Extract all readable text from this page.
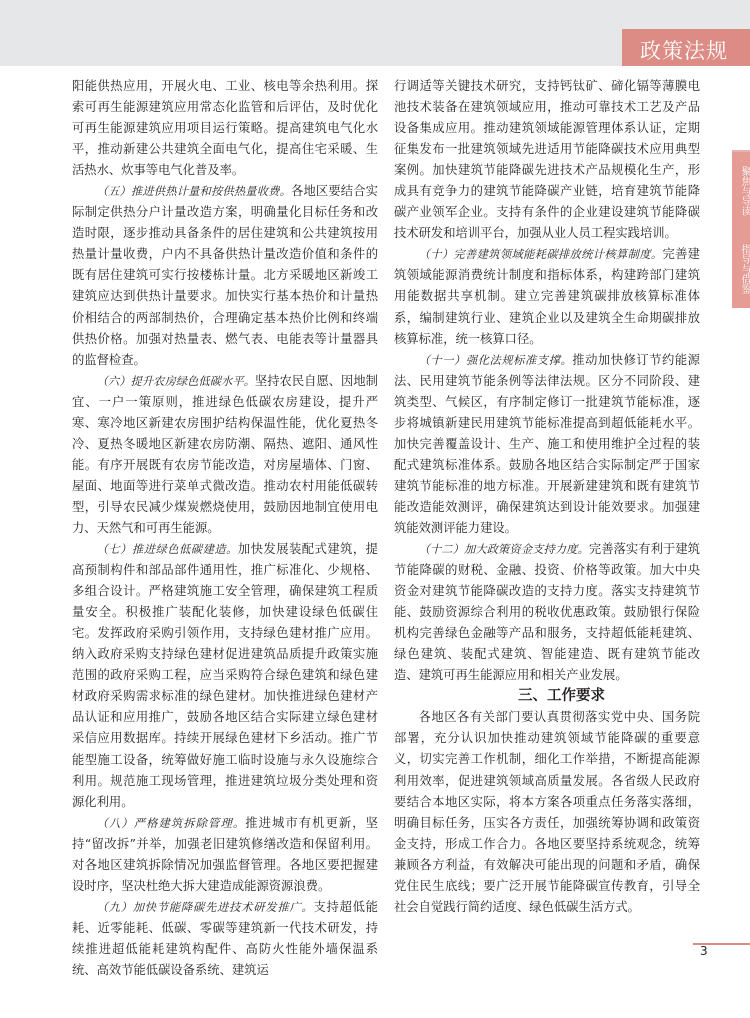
政策法规
聚焦与导读
指导与借鉴

阳能供热应用，开展火电、工业、核电等余热利用。探索可再生能源建筑应用常态化监管和后评估，及时优化可再生能源建筑应用项目运行策略。提高建筑电气化水平，推动新建公共建筑全面电气化，提高住宅采暖、生活热水、炊事等电气化普及率。

（五）推进供热计量和按供热量收费。各地区要结合实际制定供热分户计量改造方案，明确量化目标任务和改造时限，逐步推动具备条件的居住建筑和公共建筑按用热量计量收费，户内不具备供热计量改造价值和条件的既有居住建筑可实行按楼栋计量。北方采暖地区新竣工建筑应达到供热计量要求。加快实行基本热价和计量热价相结合的两部制热价，合理确定基本热价比例和终端供热价格。加强对热量表、燃气表、电能表等计量器具的监督检查。

（六）提升农房绿色低碳水平。坚持农民自愿、因地制宜、一户一策原则，推进绿色低碳农房建设，提升严寒、寒冷地区新建农房围护结构保温性能，优化夏热冬冷、夏热冬暖地区新建农房防潮、隔热、遮阳、通风性能。有序开展既有农房节能改造，对房屋墙体、门窗、屋面、地面等进行菜单式微改造。推动农村用能低碳转型，引导农民减少煤炭燃烧使用，鼓励因地制宜使用电力、天然气和可再生能源。

（七）推进绿色低碳建造。加快发展装配式建筑，提高预制构件和部品部件通用性，推广标准化、少规格、多组合设计。严格建筑施工安全管理，确保建筑工程质量安全。积极推广装配化装修，加快建设绿色低碳住宅。发挥政府采购引领作用，支持绿色建材推广应用。纳入政府采购支持绿色建材促进建筑品质提升政策实施范围的政府采购工程，应当采购符合绿色建筑和绿色建材政府采购需求标准的绿色建材。加快推进绿色建材产品认证和应用推广，鼓励各地区结合实际建立绿色建材采信应用数据库。持续开展绿色建材下乡活动。推广节能型施工设备，统筹做好施工临时设施与永久设施综合利用。规范施工现场管理，推进建筑垃圾分类处理和资源化利用。

（八）严格建筑拆除管理。推进城市有机更新，坚持“留改拆”并举，加强老旧建筑修缮改造和保留利用。对各地区建筑拆除情况加强监督管理。各地区要把握建设时序，坚决杜绝大拆大建造成能源资源浪费。

（九）加快节能降碳先进技术研发推广。支持超低能耗、近零能耗、低碳、零碳等建筑新一代技术研发，持续推进超低能耗建筑构配件、高防火性能外墙保温系统、高效节能低碳设备系统、建筑运

行调适等关键技术研究，支持钙钛矿、碲化镉等薄膜电池技术装备在建筑领域应用，推动可靠技术工艺及产品设备集成应用。推动建筑领域能源管理体系认证，定期征集发布一批建筑领域先进适用节能降碳技术应用典型案例。加快建筑节能降碳先进技术产品规模化生产，形成具有竞争力的建筑节能降碳产业链，培育建筑节能降碳产业领军企业。支持有条件的企业建设建筑节能降碳技术研发和培训平台，加强从业人员工程实践培训。

（十）完善建筑领域能耗碳排放统计核算制度。完善建筑领域能源消费统计制度和指标体系，构建跨部门建筑用能数据共享机制。建立完善建筑碳排放核算标准体系，编制建筑行业、建筑企业以及建筑全生命期碳排放核算标准，统一核算口径。

（十一）强化法规标准支撑。推动加快修订节约能源法、民用建筑节能条例等法律法规。区分不同阶段、建筑类型、气候区，有序制定修订一批建筑节能标准，逐步将城镇新建民用建筑节能标准提高到超低能耗水平。加快完善覆盖设计、生产、施工和使用维护全过程的装配式建筑标准体系。鼓励各地区结合实际制定严于国家建筑节能标准的地方标准。开展新建建筑和既有建筑节能改造能效测评，确保建筑达到设计能效要求。加强建筑能效测评能力建设。

（十二）加大政策资金支持力度。完善落实有利于建筑节能降碳的财税、金融、投资、价格等政策。加大中央资金对建筑节能降碳改造的支持力度。落实支持建筑节能、鼓励资源综合利用的税收优惠政策。鼓励银行保险机构完善绿色金融等产品和服务，支持超低能耗建筑、绿色建筑、装配式建筑、智能建造、既有建筑节能改造、建筑可再生能源应用和相关产业发展。

三、工作要求

各地区各有关部门要认真贯彻落实党中央、国务院部署，充分认识加快推动建筑领域节能降碳的重要意义，切实完善工作机制，细化工作举措，不断提高能源利用效率，促进建筑领域高质量发展。各省级人民政府要结合本地区实际，将本方案各项重点任务落实落细，明确目标任务，压实各方责任，加强统筹协调和政策资金支持，形成工作合力。各地区要坚持系统观念，统筹兼顾各方利益，有效解决可能出现的问题和矛盾，确保党住民生底线；要广泛开展节能降碳宣传教育，引导全社会自觉践行简约适度、绿色低碳生活方式。

3
